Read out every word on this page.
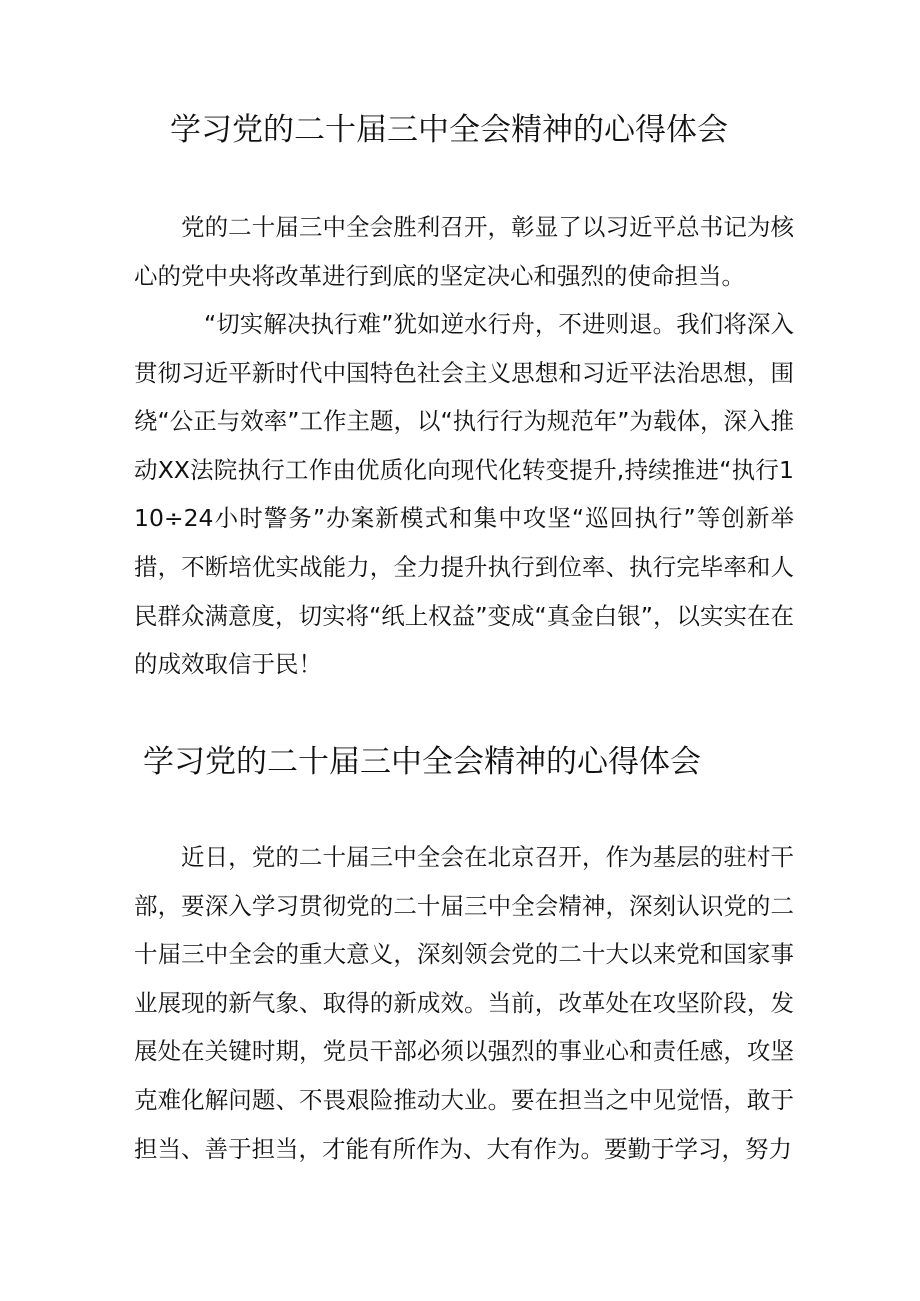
学习党的二十届三中全会精神的心得体会

党的二十届三中全会胜利召开，彰显了以习近平总书记为核心的党中央将改革进行到底的坚定决心和强烈的使命担当。

“切实解决执行难”犹如逆水行舟，不进则退。我们将深入贯彻习近平新时代中国特色社会主义思想和习近平法治思想，围绕“公正与效率”工作主题，以“执行行为规范年”为载体，深入推动XX法院执行工作由优质化向现代化转变提升,持续推进“执行110÷24小时警务”办案新模式和集中攻坚“巡回执行”等创新举措，不断培优实战能力，全力提升执行到位率、执行完毕率和人民群众满意度，切实将“纸上权益”变成“真金白银”，以实实在在的成效取信于民！

学习党的二十届三中全会精神的心得体会

近日，党的二十届三中全会在北京召开，作为基层的驻村干部，要深入学习贯彻党的二十届三中全会精神，深刻认识党的二十届三中全会的重大意义，深刻领会党的二十大以来党和国家事业展现的新气象、取得的新成效。当前，改革处在攻坚阶段，发展处在关键时期，党员干部必须以强烈的事业心和责任感，攻坚克难化解问题、不畏艰险推动大业。要在担当之中见觉悟，敢于担当、善于担当，才能有所作为、大有作为。要勤于学习，努力
